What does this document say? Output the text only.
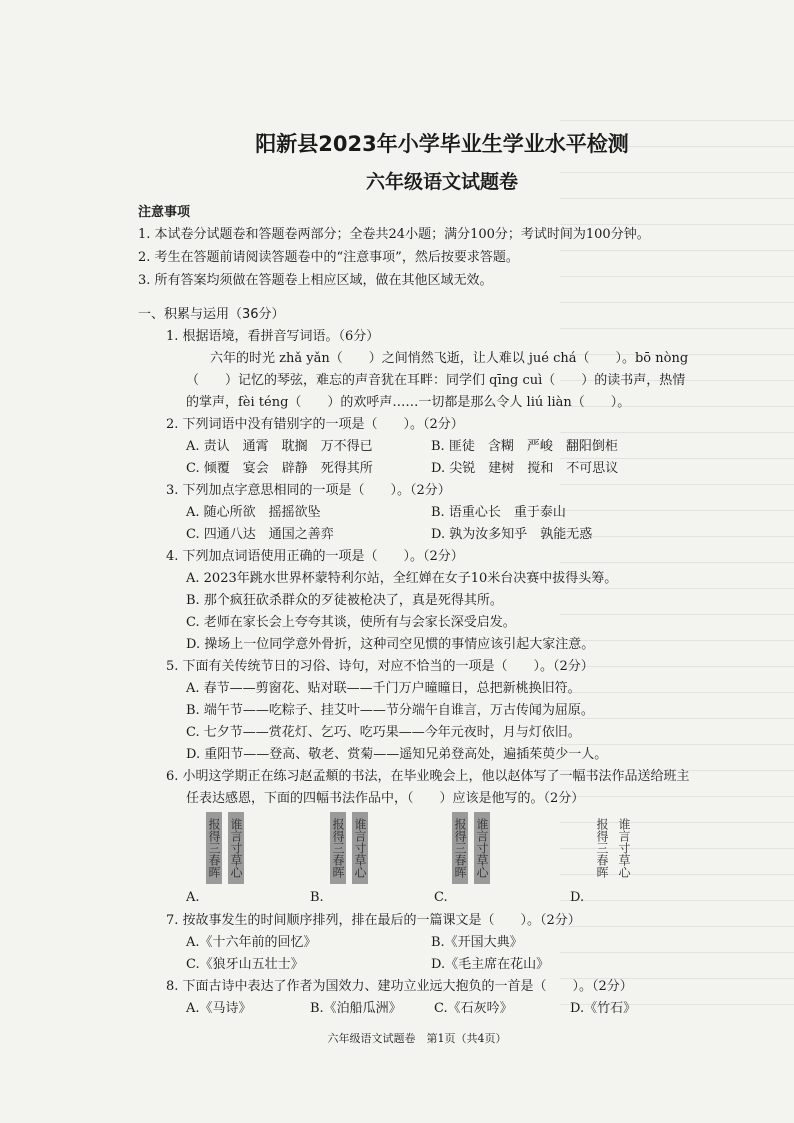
阳新县2023年小学毕业生学业水平检测
六年级语文试题卷
注意事项
1. 本试卷分试题卷和答题卷两部分；全卷共24小题；满分100分；考试时间为100分钟。
2. 考生在答题前请阅读答题卷中的“注意事项”，然后按要求答题。
3. 所有答案均须做在答题卷上相应区域，做在其他区域无效。
一、积累与运用（36分）
1. 根据语境，看拼音写词语。（6分）
六年的时光 zhǎ yǎn（　　）之间悄然飞逝，让人难以 jué chá（　　）。bō nòng
（　　）记忆的琴弦，难忘的声音犹在耳畔：同学们 qīng cuì（　　）的读书声，热情
的掌声，fèi téng（　　）的欢呼声……一切都是那么令人 liú liàn（　　）。
2. 下列词语中没有错别字的一项是（　　）。（2分）
A. 责认　通霄　耽搁　万不得已	B. 匪徒　含糊　严峻　翻阳倒柜
C. 倾覆　宴会　辟静　死得其所	D. 尖锐　建树　搅和　不可思议
3. 下列加点字意思相同的一项是（　　）。（2分）
A. 随心所欲　摇摇欲坠	B. 语重心长　重于泰山
C. 四通八达　通国之善弈	D. 孰为汝多知乎　孰能无惑
4. 下列加点词语使用正确的一项是（　　）。（2分）
A. 2023年跳水世界杯蒙特利尔站，全红婵在女子10米台决赛中拔得头筹。
B. 那个疯狂砍杀群众的歹徒被枪决了，真是死得其所。
C. 老师在家长会上夸夸其谈，使所有与会家长深受启发。
D. 操场上一位同学意外骨折，这种司空见惯的事情应该引起大家注意。
5. 下面有关传统节日的习俗、诗句，对应不恰当的一项是（　　）。（2分）
A. 春节——剪窗花、贴对联——千门万户曈曈日，总把新桃换旧符。
B. 端午节——吃粽子、挂艾叶——节分端午自谁言，万古传闻为屈原。
C. 七夕节——赏花灯、乞巧、吃巧果——今年元夜时，月与灯依旧。
D. 重阳节——登高、敬老、赏菊——遥知兄弟登高处，遍插茱萸少一人。
6. 小明这学期正在练习赵孟頫的书法，在毕业晚会上，他以赵体写了一幅书法作品送给班主
任表达感恩，下面的四幅书法作品中，（　　）应该是他写的。（2分）
报得三春晖 谁言寸草心	报得三春晖 谁言寸草心	报得三春晖 谁言寸草心	报得三春晖 谁言寸草心
A.	B.	C.	D.
7. 按故事发生的时间顺序排列，排在最后的一篇课文是（　　）。（2分）
A.《十六年前的回忆》	B.《开国大典》
C.《狼牙山五壮士》	D.《毛主席在花山》
8. 下面古诗中表达了作者为国效力、建功立业远大抱负的一首是（　　）。（2分）
A.《马诗》	B.《泊船瓜洲》 C.《石灰吟》	D.《竹石》
六年级语文试题卷　第1页（共4页）
